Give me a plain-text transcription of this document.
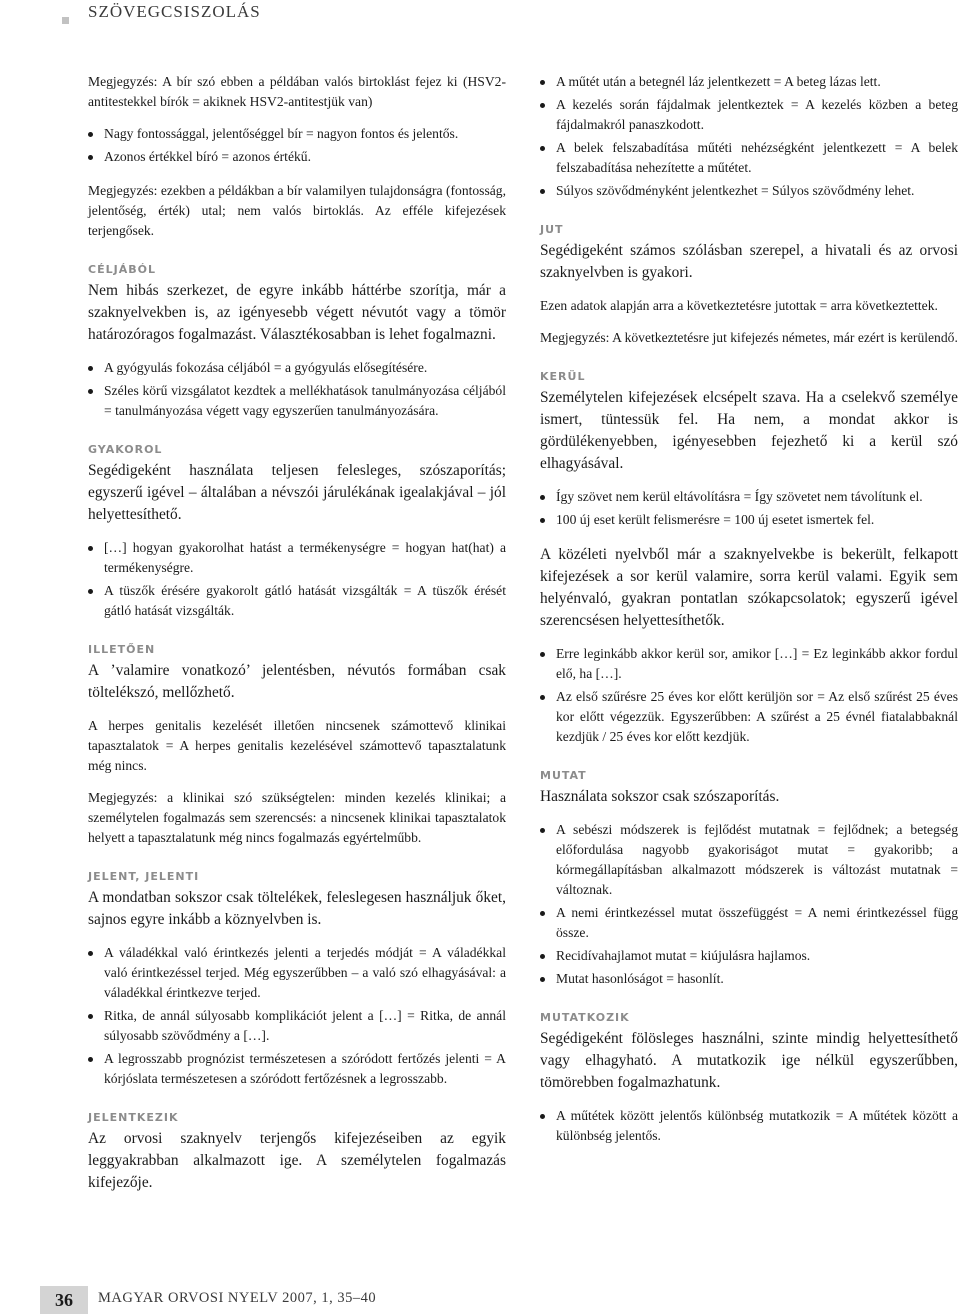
SZÖVEGCSISZOLÁS

Megjegyzés: A bír szó ebben a példában valós birtoklást fejez ki (HSV2-antitestekkel bírók = akiknek HSV2-antitestjük van)

Nagy fontossággal, jelentőséggel bír = nagyon fontos és jelentős.
Azonos értékkel bíró = azonos értékű.

Megjegyzés: ezekben a példákban a bír valamilyen tulajdonságra (fontosság, jelentőség, érték) utal; nem valós birtoklás. Az efféle kifejezések terjengősek.

CÉLJÁBÓL

Nem hibás szerkezet, de egyre inkább háttérbe szorítja, már a szaknyelvekben is, az igényesebb végett névutót vagy a tömör határozóragos fogalmazást. Választékosabban is lehet fogalmazni.

A gyógyulás fokozása céljából = a gyógyulás elősegítésére.
Széles körű vizsgálatot kezdtek a mellékhatások tanulmányozása céljából = tanulmányozása végett vagy egyszerűen tanulmányozására.
GYAKOROL

Segédigeként használata teljesen felesleges, szószaporítás; egyszerű igével – általában a névszói járulékának igealakjával – jól helyettesíthető.

[…] hogyan gyakorolhat hatást a termékenységre = hogyan hat(hat) a termékenységre.
A tüszők érésére gyakorolt gátló hatását vizsgálták = A tüszők érését gátló hatását vizsgálták.
ILLETŐEN

A ’valamire vonatkozó’ jelentésben, névutós formában csak töltelékszó, mellőzhető.

A herpes genitalis kezelését illetően nincsenek számottevő klinikai tapasztalatok = A herpes genitalis kezelésével számottevő tapasztalatunk még nincs.

Megjegyzés: a klinikai szó szükségtelen: minden kezelés klinikai; a személytelen fogalmazás sem szerencsés: a nincsenek klinikai tapasztalatok helyett a tapasztalatunk még nincs fogalmazás egyértelműbb.

JELENT, JELENTI

A mondatban sokszor csak töltelékek, feleslegesen használjuk őket, sajnos egyre inkább a köznyelvben is.

A váladékkal való érintkezés jelenti a terjedés módját = A váladékkal való érintkezéssel terjed. Még egyszerűbben – a való szó elhagyásával: a váladékkal érintkezve terjed.
Ritka, de annál súlyosabb komplikációt jelent a […] = Ritka, de annál súlyosabb szövődmény a […].
A legrosszabb prognózist természetesen a szóródott fertőzés jelenti = A kórjóslata természetesen a szóródott fertőzésnek a legrosszabb.
JELENTKEZIK

Az orvosi szaknyelv terjengős kifejezéseiben az egyik leggyakrabban alkalmazott ige. A személytelen fogalmazás kifejezője.

A műtét után a betegnél láz jelentkezett = A beteg lázas lett.
A kezelés során fájdalmak jelentkeztek = A kezelés közben a beteg fájdalmakról panaszkodott.
A belek felszabadítása műtéti nehézségként jelentkezett = A belek felszabadítása nehezítette a műtétet.
Súlyos szövődményként jelentkezhet = Súlyos szövődmény lehet.
JUT

Segédigeként számos szólásban szerepel, a hivatali és az orvosi szaknyelvben is gyakori.

Ezen adatok alapján arra a következtetésre jutottak = arra következtettek.

Megjegyzés: A következtetésre jut kifejezés németes, már ezért is kerülendő.

KERÜL

Személytelen kifejezések elcsépelt szava. Ha a cselekvő személye ismert, tüntessük fel. Ha nem, a mondat akkor is gördülékenyebben, igényesebben fejezhető ki a kerül szó elhagyásával.

Így szövet nem kerül eltávolításra = Így szövetet nem távolítunk el.
100 új eset került felismerésre = 100 új esetet ismertek fel.

A közéleti nyelvből már a szaknyelvekbe is bekerült, felkapott kifejezések a sor kerül valamire, sorra kerül valami. Egyik sem helyénvaló, gyakran pontatlan szókapcsolatok; egyszerű igével szerencsésen helyettesíthetők.

Erre leginkább akkor kerül sor, amikor […] = Ez leginkább akkor fordul elő, ha […].
Az első szűrésre 25 éves kor előtt kerüljön sor = Az első szűrést 25 éves kor előtt végezzük. Egyszerűbben: A szűrést a 25 évnél fiatalabbaknál kezdjük / 25 éves kor előtt kezdjük.
MUTAT

Használata sokszor csak szószaporítás.

A sebészi módszerek is fejlődést mutatnak = fejlődnek; a betegség előfordulása nagyobb gyakoriságot mutat = gyakoribb; a kórmegállapításban alkalmazott módszerek is változást mutatnak = változnak.
A nemi érintkezéssel mutat összefüggést = A nemi érintkezéssel függ össze.
Recidívahajlamot mutat = kiújulásra hajlamos.
Mutat hasonlóságot = hasonlít.
MUTATKOZIK

Segédigeként fölösleges használni, szinte mindig helyettesíthető vagy elhagyható. A mutatkozik ige nélkül egyszerűbben, tömörebben fogalmazhatunk.

A műtétek között jelentős különbség mutatkozik = A műtétek között a különbség jelentős.
36	MAGYAR ORVOSI NYELV 2007, 1, 35–40
